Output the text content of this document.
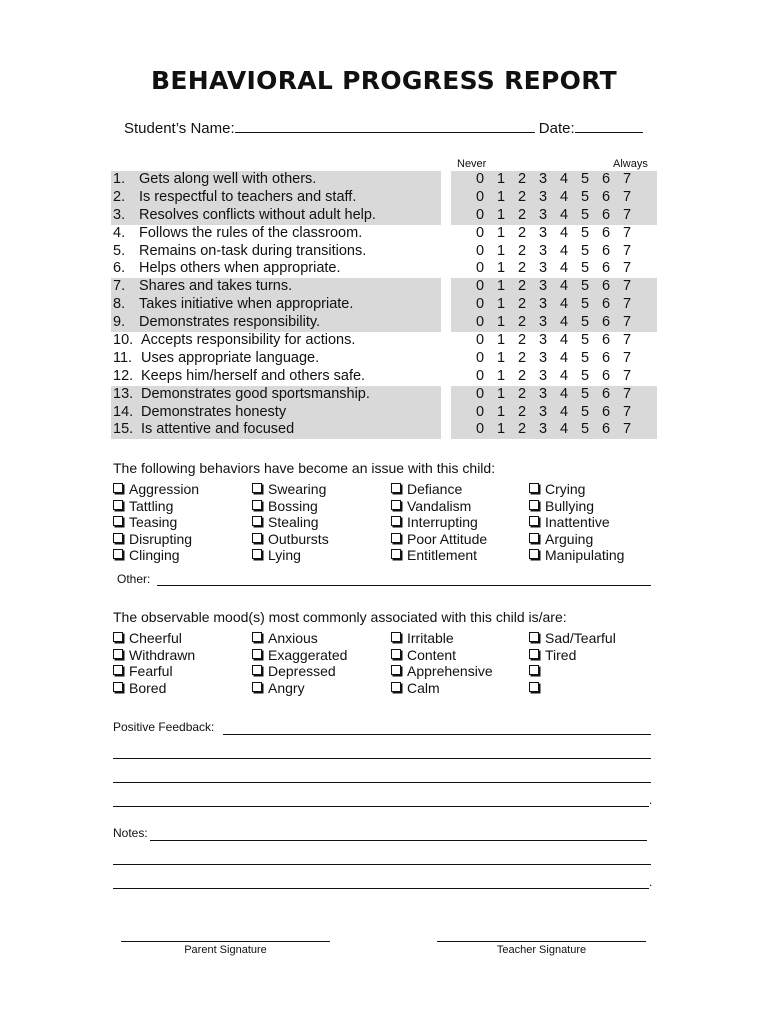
BEHAVIORAL PROGRESS REPORT
Student’s Name:	Date:
Never	Always
1. Gets along well with others.	0 1 2 3 4 5 6 7
2. Is respectful to teachers and staff.	0 1 2 3 4 5 6 7
3. Resolves conflicts without adult help.	0 1 2 3 4 5 6 7
4. Follows the rules of the classroom.	0 1 2 3 4 5 6 7
5. Remains on-task during transitions.	0 1 2 3 4 5 6 7
6. Helps others when appropriate.	0 1 2 3 4 5 6 7
7. Shares and takes turns.	0 1 2 3 4 5 6 7
8. Takes initiative when appropriate.	0 1 2 3 4 5 6 7
9. Demonstrates responsibility.	0 1 2 3 4 5 6 7
10. Accepts responsibility for actions.	0 1 2 3 4 5 6 7
11. Uses appropriate language.	0 1 2 3 4 5 6 7
12. Keeps him/herself and others safe.	0 1 2 3 4 5 6 7
13. Demonstrates good sportsmanship.	0 1 2 3 4 5 6 7
14. Demonstrates honesty	0 1 2 3 4 5 6 7
15. Is attentive and focused	0 1 2 3 4 5 6 7
The following behaviors have become an issue with this child:
Aggression	Swearing	Defiance	Crying
Tattling	Bossing	Vandalism	Bullying
Teasing	Stealing	Interrupting	Inattentive
Disrupting	Outbursts	Poor Attitude	Arguing
Clinging	Lying	Entitlement	Manipulating
Other:
The observable mood(s) most commonly associated with this child is/are:
Cheerful	Anxious	Irritable	Sad/Tearful
Withdrawn	Exaggerated	Content	Tired
Fearful	Depressed	Apprehensive
Bored	Angry	Calm
Positive Feedback:
.
Notes:
.
Parent Signature	Teacher Signature
